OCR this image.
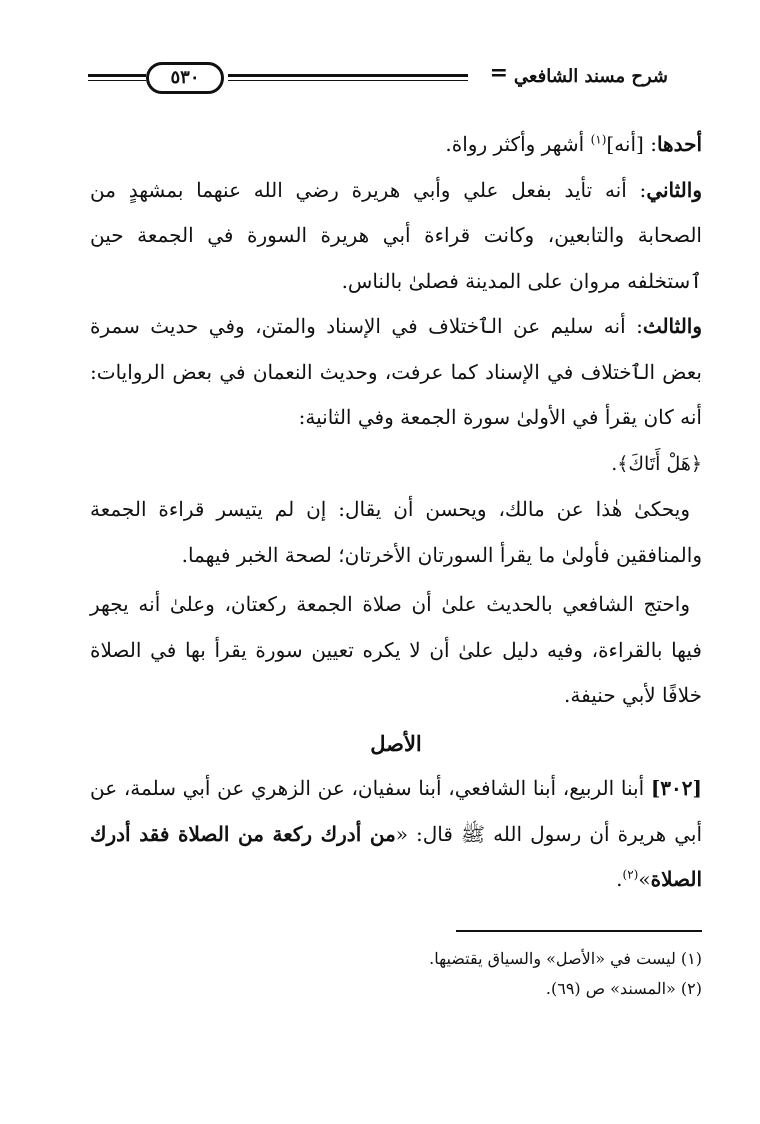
شرح مسند الشافعي
=
٥٣٠

أحدها: [أنه]$^{(١)}$ أشهر وأكثر رواة.

والثاني: أنه تأيد بفعل علي وأبي هريرة رضي الله عنهما بمشهدٍ من الصحابة والتابعين، وكانت قراءة أبي هريرة السورة في الجمعة حين ٱستخلفه مروان على المدينة فصلىٰ بالناس.

والثالث: أنه سليم عن الٱختلاف في الإسناد والمتن، وفي حديث سمرة بعض الٱختلاف في الإسناد كما عرفت، وحديث النعمان في بعض الروايات: أنه كان يقرأ في الأولىٰ سورة الجمعة وفي الثانية:
﴿هَلْ أَتَاكَ﴾.

ويحكىٰ هٰذا عن مالك، ويحسن أن يقال: إن لم يتيسر قراءة الجمعة والمنافقين فأولىٰ ما يقرأ السورتان الأخرتان؛ لصحة الخبر فيهما.

واحتج الشافعي بالحديث علىٰ أن صلاة الجمعة ركعتان، وعلىٰ أنه يجهر فيها بالقراءة، وفيه دليل علىٰ أن لا يكره تعيين سورة يقرأ بها في الصلاة خلافًا لأبي حنيفة.

الأصل

[٣٠٢] أبنا الربيع، أبنا الشافعي، أبنا سفيان، عن الزهري عن أبي سلمة، عن أبي هريرة أن رسول الله ﷺ قال: «من أدرك ركعة من الصلاة فقد أدرك الصلاة»$^{(٢)}$.

(١) ليست في «الأصل» والسياق يقتضيها.

(٢) «المسند» ص (٦٩).
